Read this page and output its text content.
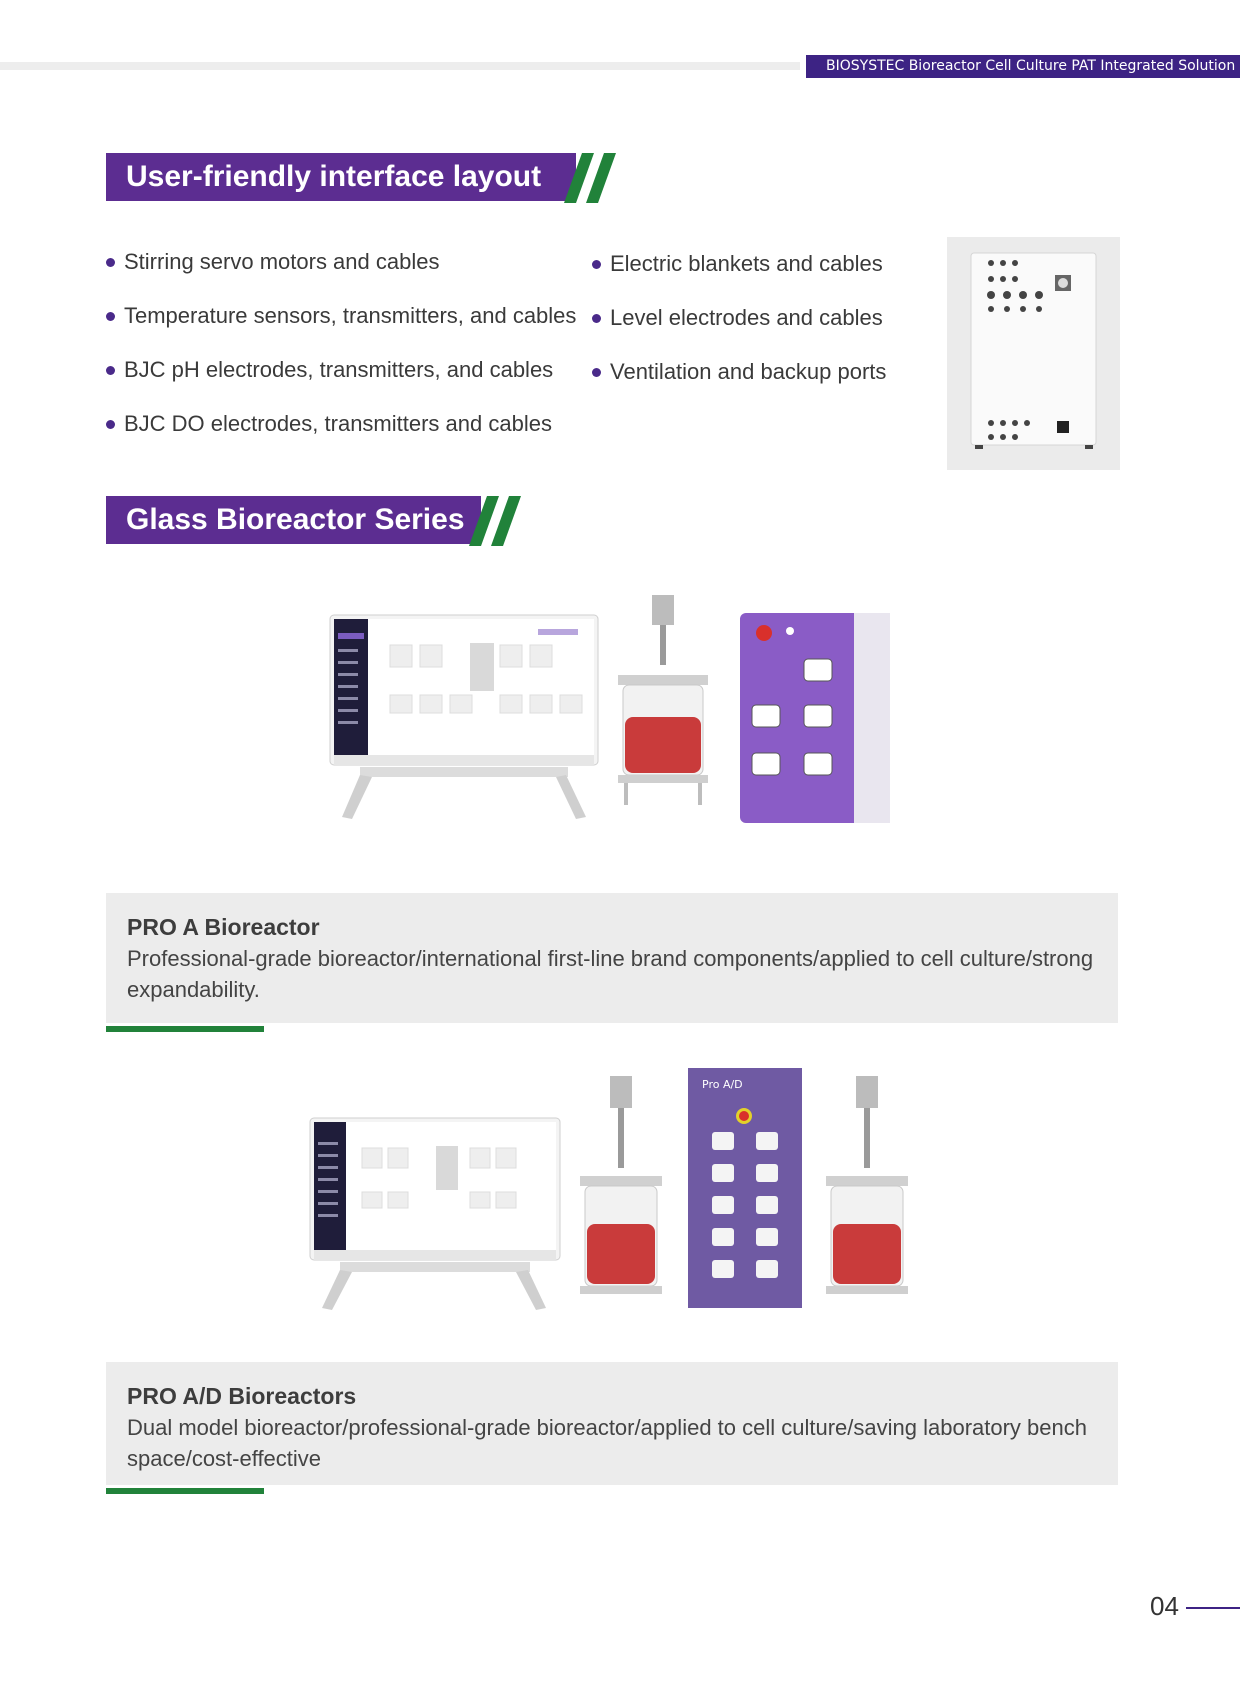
BIOSYSTEC Bioreactor Cell Culture PAT Integrated Solution
User-friendly interface layout
Stirring servo motors and cables
Temperature sensors, transmitters, and cables
BJC pH electrodes, transmitters, and cables
BJC DO electrodes, transmitters and cables
Electric blankets and cables
Level electrodes and cables
Ventilation and backup ports
Glass Bioreactor Series
PRO A Bioreactor
Professional-grade bioreactor/international first-line brand components/applied to cell culture/strong expandability.
Pro A/D
PRO A/D Bioreactors
Dual model bioreactor/professional-grade bioreactor/applied to cell culture/saving laboratory bench space/cost-effective
04
